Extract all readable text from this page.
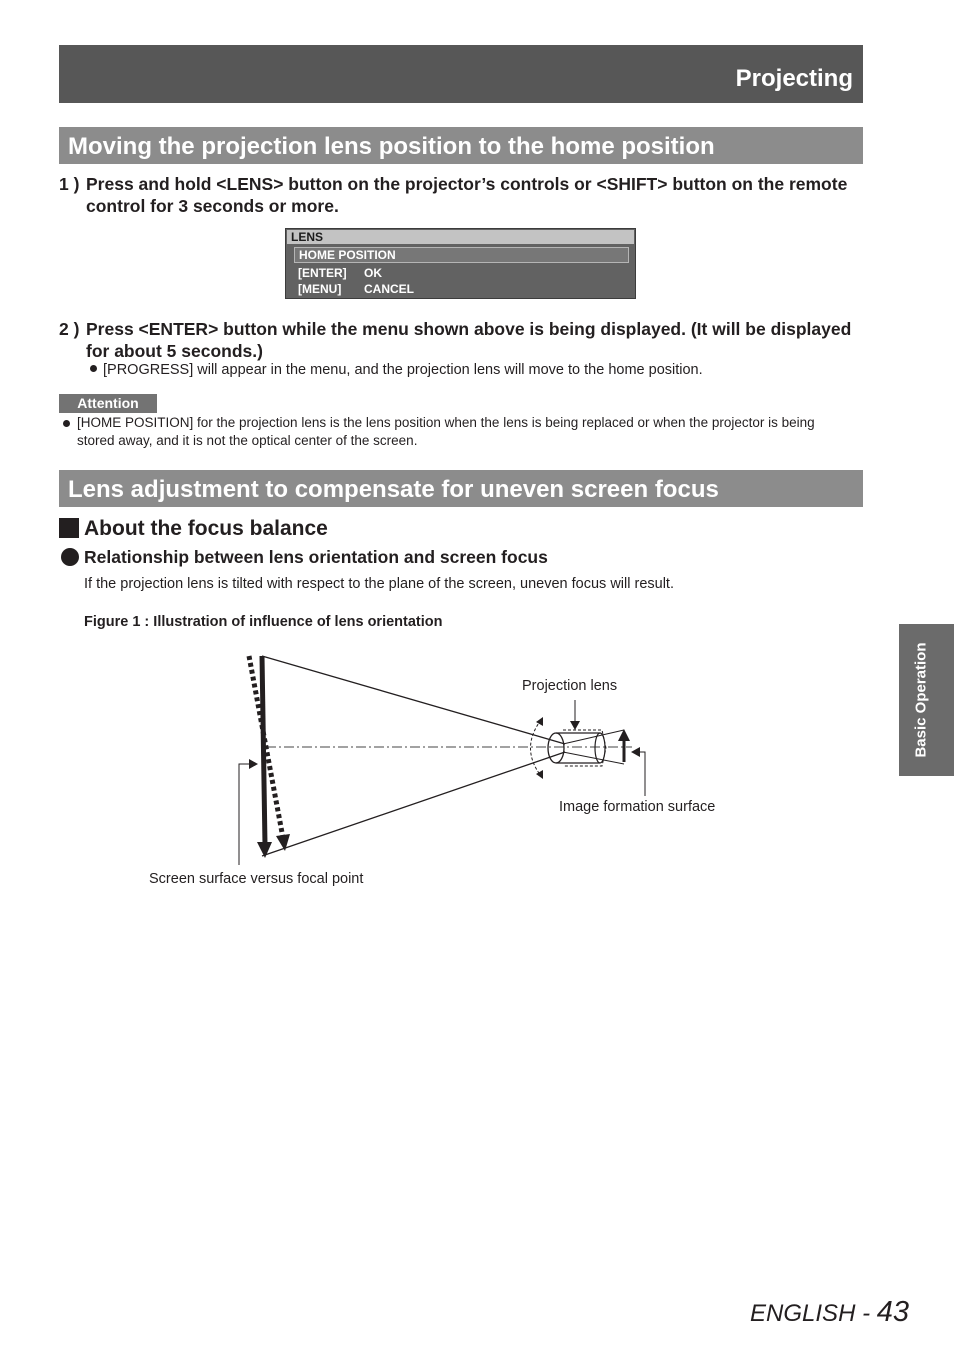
Projecting
Moving the projection lens position to the home position
1 ) Press and hold <LENS> button on the projector’s controls or <SHIFT> button on the remote control for 3 seconds or more.
LENS
HOME POSITION
[ENTER] OK
[MENU] CANCEL
2 ) Press <ENTER> button while the menu shown above is being displayed. (It will be displayed for about 5 seconds.)
[PROGRESS] will appear in the menu, and the projection lens will move to the home position.
Attention
[HOME POSITION] for the projection lens is the lens position when the lens is being replaced or when the projector is being stored away, and it is not the optical center of the screen.
Lens adjustment to compensate for uneven screen focus
About the focus balance
Relationship between lens orientation and screen focus
If the projection lens is tilted with respect to the plane of the screen, uneven focus will result.
Figure 1 : Illustration of influence of lens orientation
Projection lens
Image formation surface
Screen surface versus focal point
Basic Operation
ENGLISH - 43
